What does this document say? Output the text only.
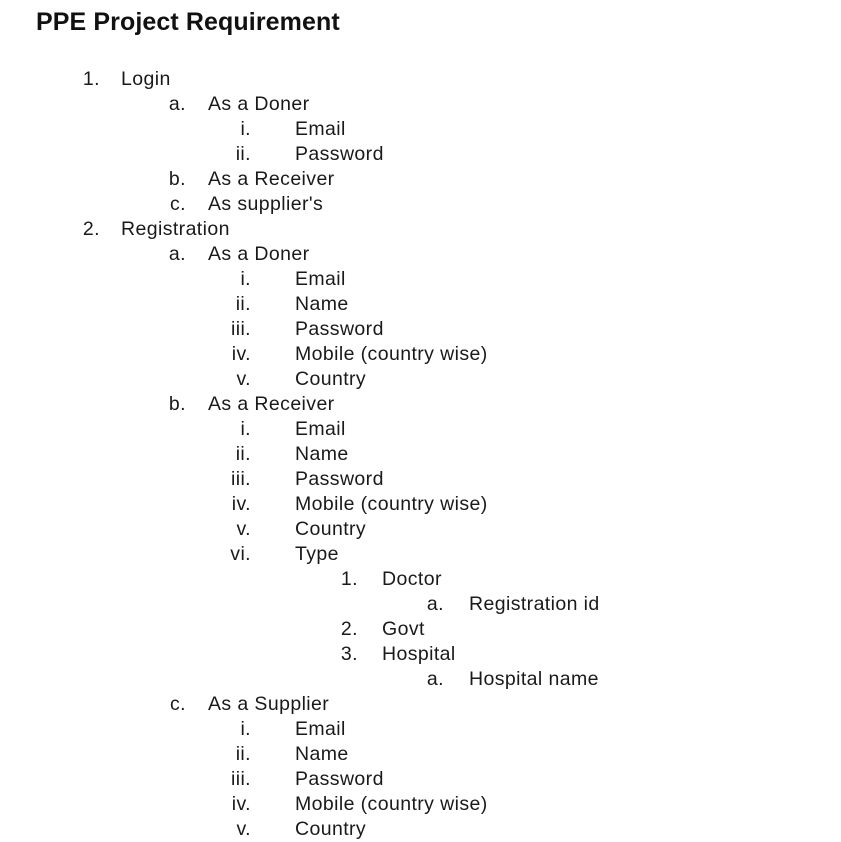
PPE Project Requirement
1. Login
a. As a Doner
i. Email
ii. Password
b. As a Receiver
c. As supplier's
2. Registration
a. As a Doner
i. Email
ii. Name
iii. Password
iv. Mobile (country wise)
v. Country
b. As a Receiver
i. Email
ii. Name
iii. Password
iv. Mobile (country wise)
v. Country
vi. Type
1. Doctor
a. Registration id
2. Govt
3. Hospital
a. Hospital name
c. As a Supplier
i. Email
ii. Name
iii. Password
iv. Mobile (country wise)
v. Country
